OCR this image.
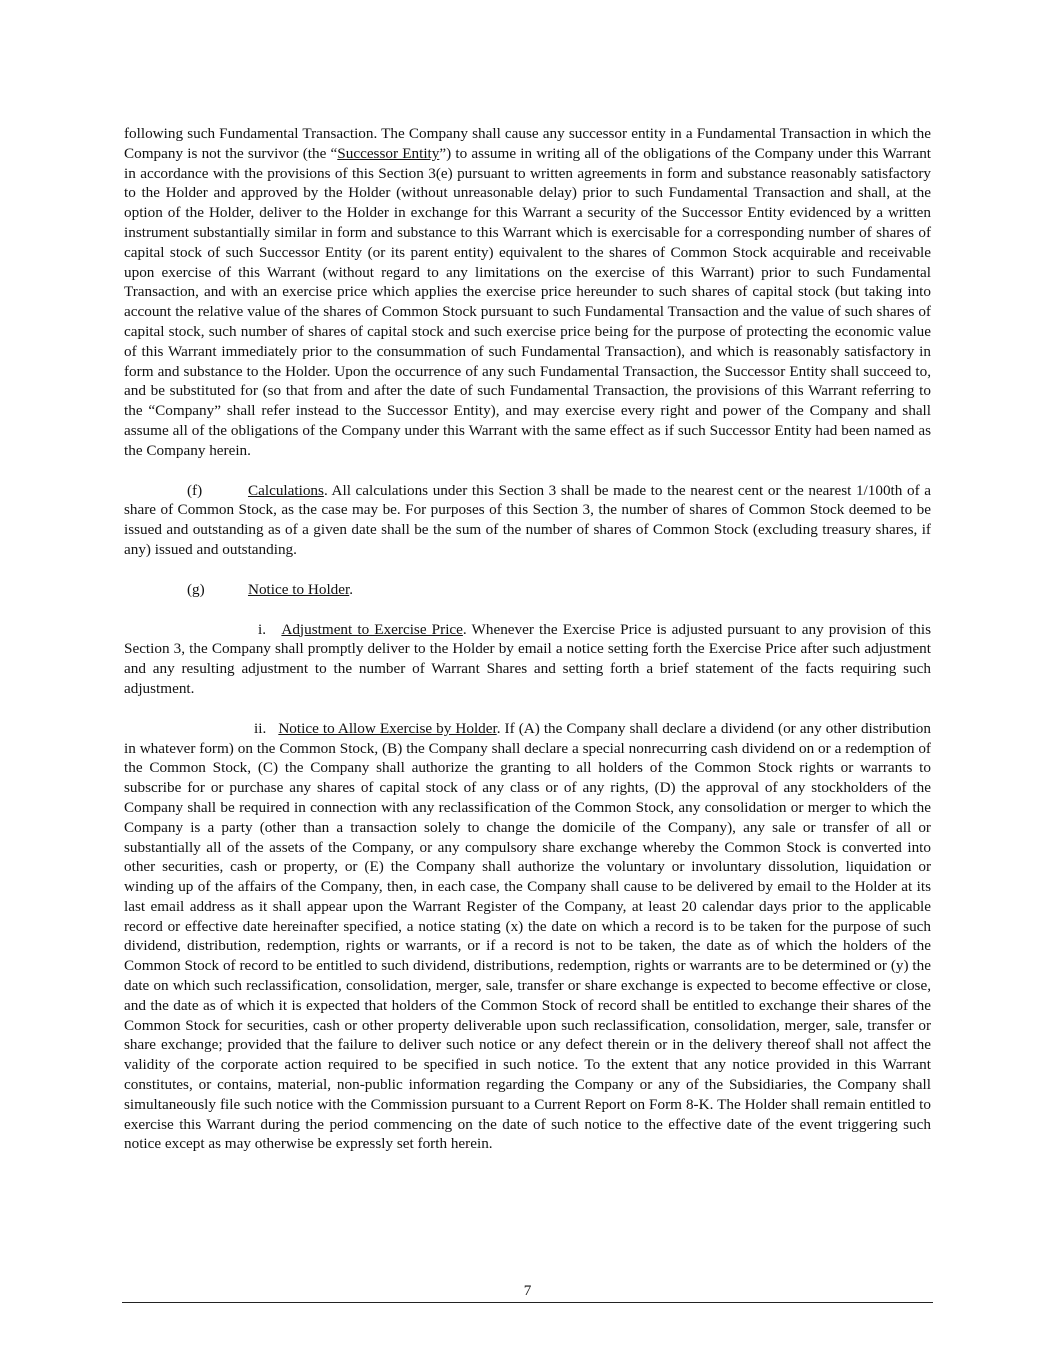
following such Fundamental Transaction. The Company shall cause any successor entity in a Fundamental Transaction in which the Company is not the survivor (the “Successor Entity”) to assume in writing all of the obligations of the Company under this Warrant in accordance with the provisions of this Section 3(e) pursuant to written agreements in form and substance reasonably satisfactory to the Holder and approved by the Holder (without unreasonable delay) prior to such Fundamental Transaction and shall, at the option of the Holder, deliver to the Holder in exchange for this Warrant a security of the Successor Entity evidenced by a written instrument substantially similar in form and substance to this Warrant which is exercisable for a corresponding number of shares of capital stock of such Successor Entity (or its parent entity) equivalent to the shares of Common Stock acquirable and receivable upon exercise of this Warrant (without regard to any limitations on the exercise of this Warrant) prior to such Fundamental Transaction, and with an exercise price which applies the exercise price hereunder to such shares of capital stock (but taking into account the relative value of the shares of Common Stock pursuant to such Fundamental Transaction and the value of such shares of capital stock, such number of shares of capital stock and such exercise price being for the purpose of protecting the economic value of this Warrant immediately prior to the consummation of such Fundamental Transaction), and which is reasonably satisfactory in form and substance to the Holder. Upon the occurrence of any such Fundamental Transaction, the Successor Entity shall succeed to, and be substituted for (so that from and after the date of such Fundamental Transaction, the provisions of this Warrant referring to the “Company” shall refer instead to the Successor Entity), and may exercise every right and power of the Company and shall assume all of the obligations of the Company under this Warrant with the same effect as if such Successor Entity had been named as the Company herein.

(f)	Calculations. All calculations under this Section 3 shall be made to the nearest cent or the nearest 1/100th of a share of Common Stock, as the case may be. For purposes of this Section 3, the number of shares of Common Stock deemed to be issued and outstanding as of a given date shall be the sum of the number of shares of Common Stock (excluding treasury shares, if any) issued and outstanding.

(g)	Notice to Holder.

i. Adjustment to Exercise Price. Whenever the Exercise Price is adjusted pursuant to any provision of this Section 3, the Company shall promptly deliver to the Holder by email a notice setting forth the Exercise Price after such adjustment and any resulting adjustment to the number of Warrant Shares and setting forth a brief statement of the facts requiring such adjustment.

ii. Notice to Allow Exercise by Holder. If (A) the Company shall declare a dividend (or any other distribution in whatever form) on the Common Stock, (B) the Company shall declare a special nonrecurring cash dividend on or a redemption of the Common Stock, (C) the Company shall authorize the granting to all holders of the Common Stock rights or warrants to subscribe for or purchase any shares of capital stock of any class or of any rights, (D) the approval of any stockholders of the Company shall be required in connection with any reclassification of the Common Stock, any consolidation or merger to which the Company is a party (other than a transaction solely to change the domicile of the Company), any sale or transfer of all or substantially all of the assets of the Company, or any compulsory share exchange whereby the Common Stock is converted into other securities, cash or property, or (E) the Company shall authorize the voluntary or involuntary dissolution, liquidation or winding up of the affairs of the Company, then, in each case, the Company shall cause to be delivered by email to the Holder at its last email address as it shall appear upon the Warrant Register of the Company, at least 20 calendar days prior to the applicable record or effective date hereinafter specified, a notice stating (x) the date on which a record is to be taken for the purpose of such dividend, distribution, redemption, rights or warrants, or if a record is not to be taken, the date as of which the holders of the Common Stock of record to be entitled to such dividend, distributions, redemption, rights or warrants are to be determined or (y) the date on which such reclassification, consolidation, merger, sale, transfer or share exchange is expected to become effective or close, and the date as of which it is expected that holders of the Common Stock of record shall be entitled to exchange their shares of the Common Stock for securities, cash or other property deliverable upon such reclassification, consolidation, merger, sale, transfer or share exchange; provided that the failure to deliver such notice or any defect therein or in the delivery thereof shall not affect the validity of the corporate action required to be specified in such notice. To the extent that any notice provided in this Warrant constitutes, or contains, material, non-public information regarding the Company or any of the Subsidiaries, the Company shall simultaneously file such notice with the Commission pursuant to a Current Report on Form 8-K. The Holder shall remain entitled to exercise this Warrant during the period commencing on the date of such notice to the effective date of the event triggering such notice except as may otherwise be expressly set forth herein.

7
